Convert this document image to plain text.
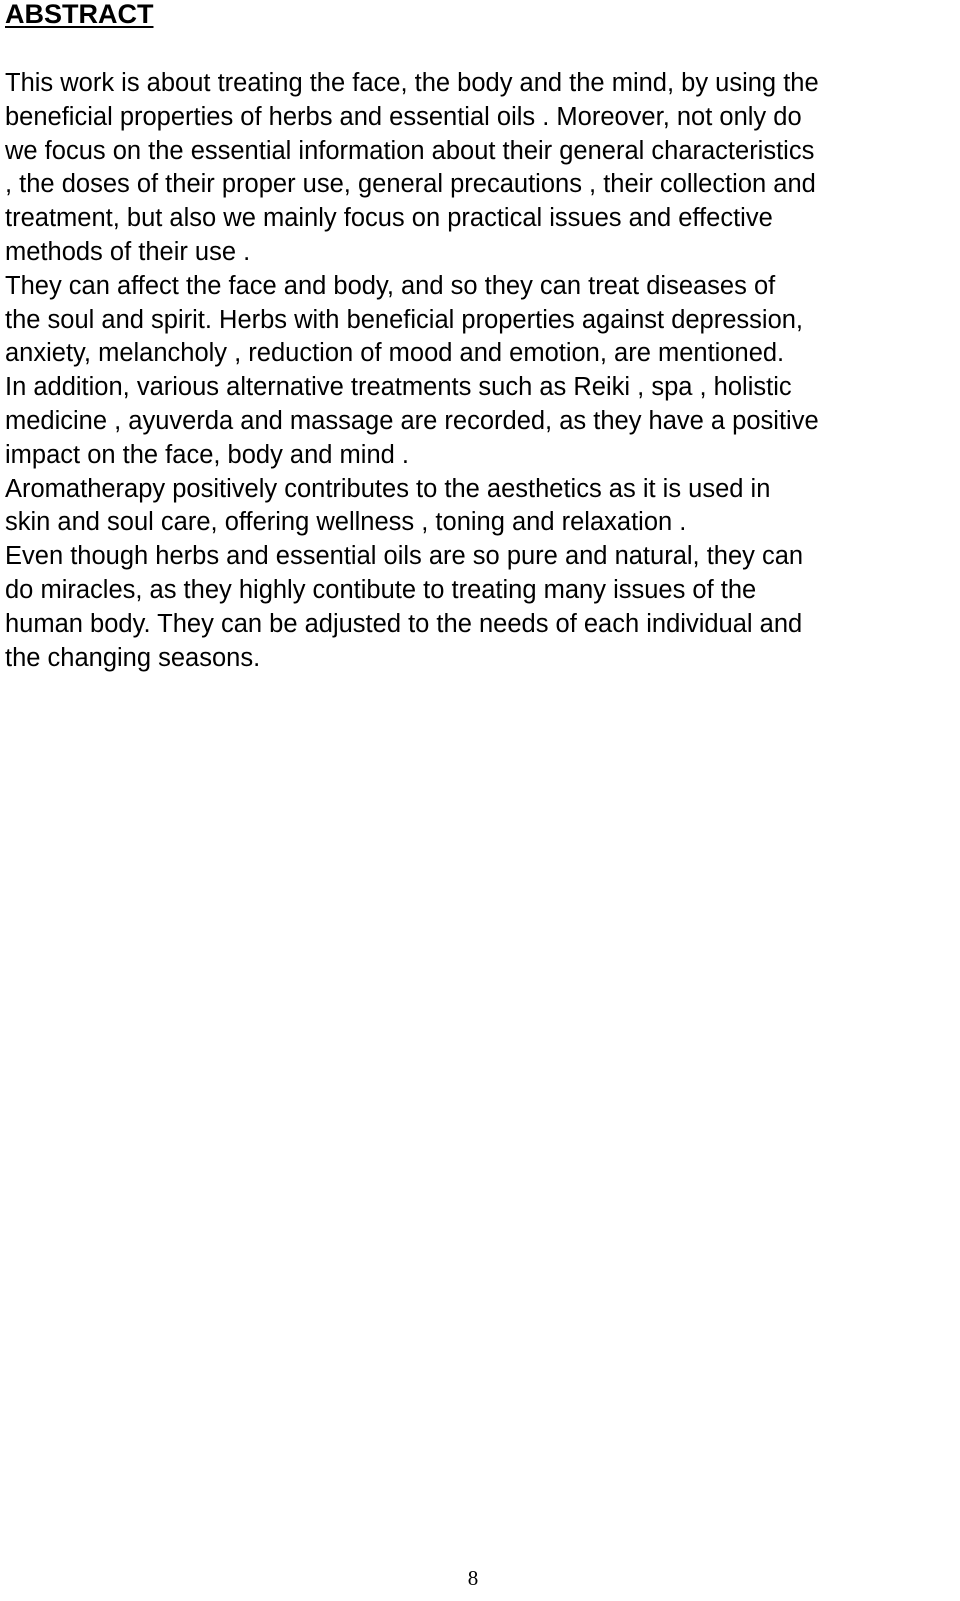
ABSTRACT
This work is about treating the face, the body and the mind, by using the
beneficial properties of herbs and essential oils . Moreover, not only do
we focus on the essential information about their general characteristics
, the doses of their proper use, general precautions , their collection and
treatment, but also we mainly focus on practical issues and effective
methods of their use .
They can affect the face and body, and so they can treat diseases of
the soul and spirit. Herbs with beneficial properties against depression,
anxiety, melancholy , reduction of mood and emotion, are mentioned.
In addition, various alternative treatments such as Reiki , spa , holistic
medicine , ayuverda and massage are recorded, as they have a positive
impact on the face, body and mind .
Aromatherapy positively contributes to the aesthetics as it is used in
skin and soul care, offering wellness , toning and relaxation .
Even though herbs and essential oils are so pure and natural, they can
do miracles, as they highly contibute to treating many issues of the
human body. They can be adjusted to the needs of each individual and
the changing seasons.
8
